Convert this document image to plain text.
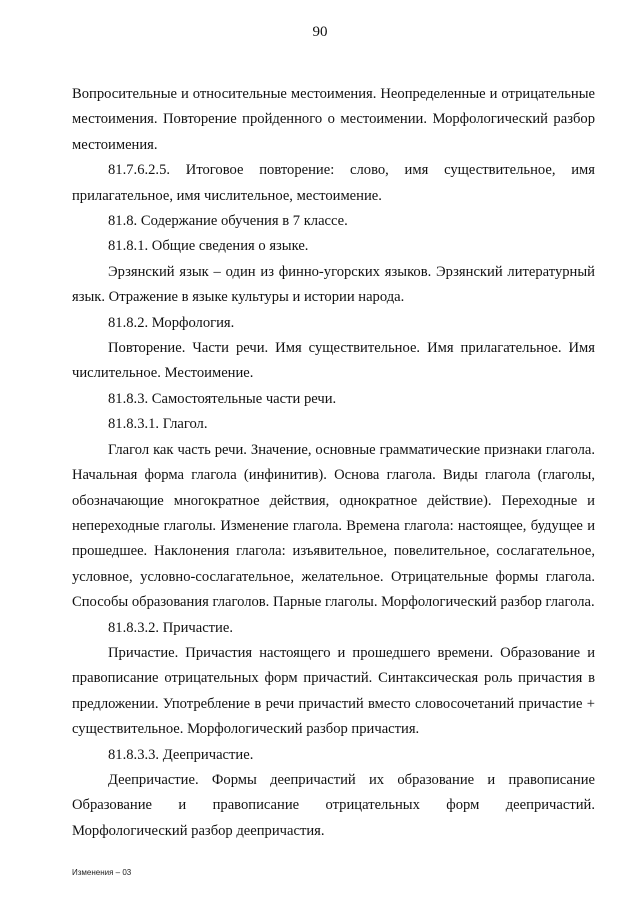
90

Вопросительные и относительные местоимения. Неопределенные и отрицательные местоимения. Повторение пройденного о местоимении. Морфологический разбор местоимения.

81.7.6.2.5. Итоговое повторение: слово, имя существительное, имя прилагательное, имя числительное, местоимение.

81.8. Содержание обучения в 7 классе.

81.8.1. Общие сведения о языке.

Эрзянский язык – один из финно-угорских языков. Эрзянский литературный язык. Отражение в языке культуры и истории народа.

81.8.2. Морфология.

Повторение. Части речи. Имя существительное. Имя прилагательное. Имя числительное. Местоимение.

81.8.3. Самостоятельные части речи.

81.8.3.1. Глагол.

Глагол как часть речи. Значение, основные грамматические признаки глагола. Начальная форма глагола (инфинитив). Основа глагола. Виды глагола (глаголы, обозначающие многократное действия, однократное действие). Переходные и непереходные глаголы. Изменение глагола. Времена глагола: настоящее, будущее и прошедшее. Наклонения глагола: изъявительное, повелительное, сослагательное, условное, условно-сослагательное, желательное. Отрицательные формы глагола. Способы образования глаголов. Парные глаголы. Морфологический разбор глагола.

81.8.3.2. Причастие.

Причастие. Причастия настоящего и прошедшего времени. Образование и правописание отрицательных форм причастий. Синтаксическая роль причастия в предложении. Употребление в речи причастий вместо словосочетаний причастие + существительное. Морфологический разбор причастия.

81.8.3.3. Деепричастие.

Деепричастие. Формы деепричастий их образование и правописание Образование и правописание отрицательных форм деепричастий. Морфологический разбор деепричастия.

Изменения – 03
